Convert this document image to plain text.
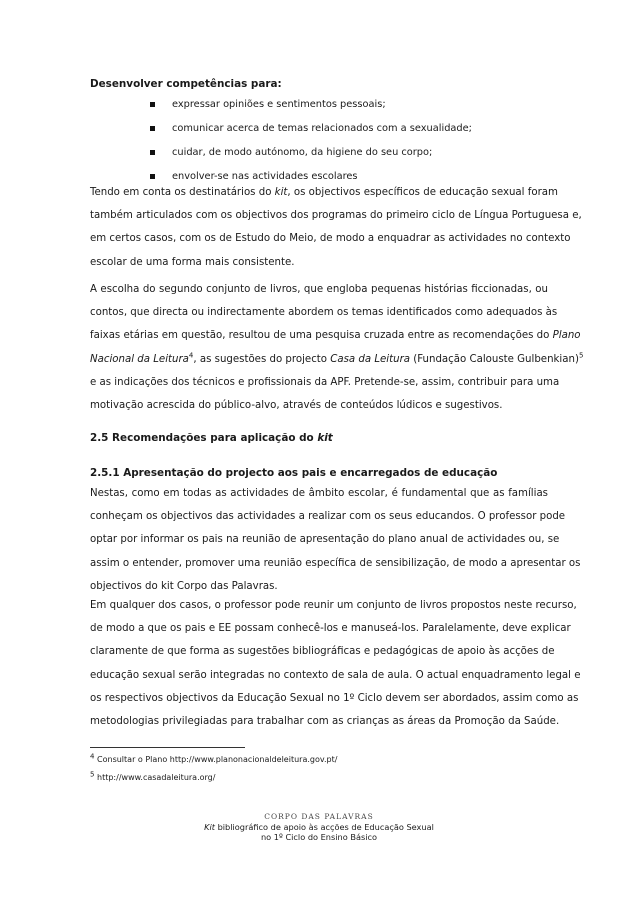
Desenvolver competências para:
expressar opiniões e sentimentos pessoais;
comunicar acerca de temas relacionados com a sexualidade;
cuidar, de modo autónomo, da higiene do seu corpo;
envolver-se nas actividades escolares
Tendo em conta os destinatários do kit, os objectivos específicos de educação sexual foram
também articulados com os objectivos dos programas do primeiro ciclo de Língua Portuguesa e,
em certos casos, com os de Estudo do Meio, de modo a enquadrar as actividades no contexto
escolar de uma forma mais consistente.
A escolha do segundo conjunto de livros, que engloba pequenas histórias ficcionadas, ou
contos, que directa ou indirectamente abordem os temas identificados como adequados às
faixas etárias em questão, resultou de uma pesquisa cruzada entre as recomendações do Plano
Nacional da Leitura$^4$, as sugestões do projecto Casa da Leitura (Fundação Calouste Gulbenkian)$^5$
e as indicações dos técnicos e profissionais da APF. Pretende-se, assim, contribuir para uma
motivação acrescida do público-alvo, através de conteúdos lúdicos e sugestivos.
2.5 Recomendações para aplicação do kit
2.5.1 Apresentação do projecto aos pais e encarregados de educação
Nestas, como em todas as actividades de âmbito escolar, é fundamental que as famílias
conheçam os objectivos das actividades a realizar com os seus educandos. O professor pode
optar por informar os pais na reunião de apresentação do plano anual de actividades ou, se
assim o entender, promover uma reunião específica de sensibilização, de modo a apresentar os
objectivos do kit Corpo das Palavras.
Em qualquer dos casos, o professor pode reunir um conjunto de livros propostos neste recurso,
de modo a que os pais e EE possam conhecê-los e manuseá-los. Paralelamente, deve explicar
claramente de que forma as sugestões bibliográficas e pedagógicas de apoio às acções de
educação sexual serão integradas no contexto de sala de aula. O actual enquadramento legal e
os respectivos objectivos da Educação Sexual no 1º Ciclo devem ser abordados, assim como as
metodologias privilegiadas para trabalhar com as crianças as áreas da Promoção da Saúde.
$^4$ Consultar o Plano http://www.planonacionaldeleitura.gov.pt/
$^5$ http://www.casadaleitura.org/
CORPO DAS PALAVRAS
Kit bibliográfico de apoio às acções de Educação Sexual
no 1º Ciclo do Ensino Básico
